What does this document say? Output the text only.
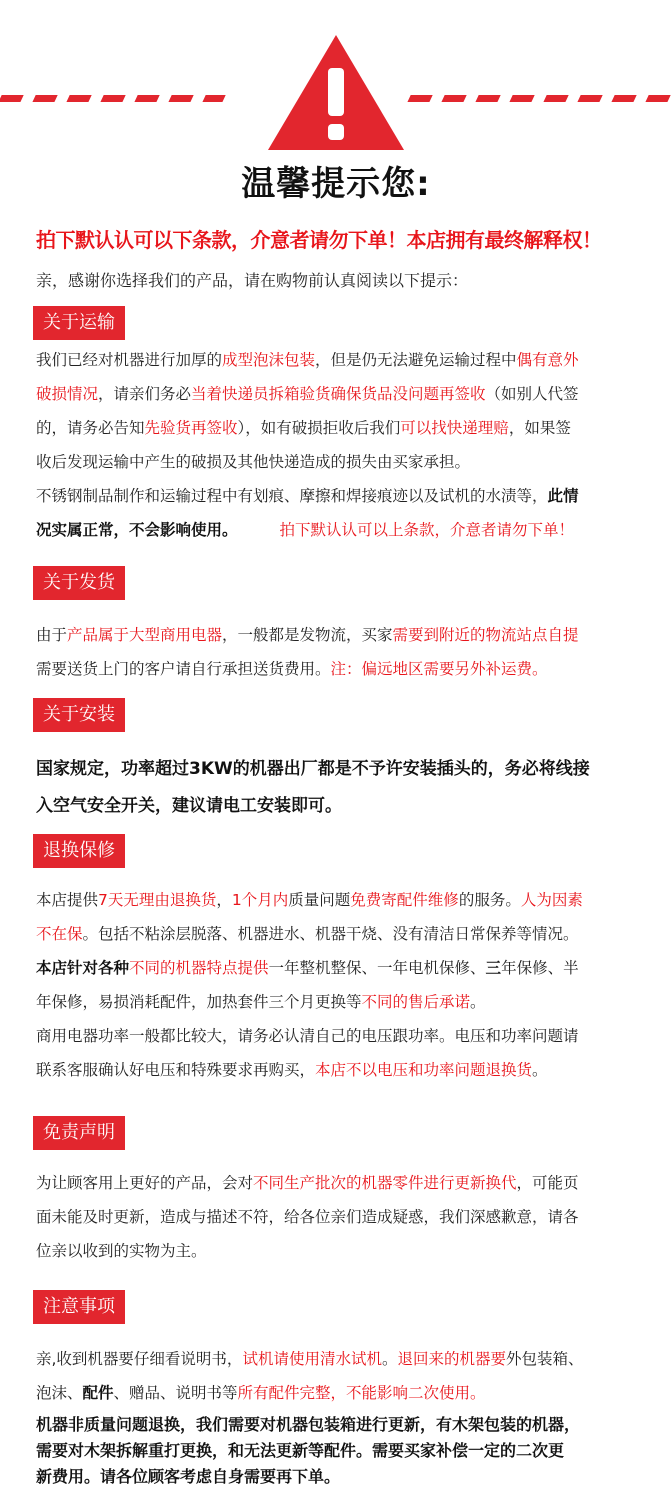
温馨提示您:
拍下默认认可以下条款，介意者请勿下单！本店拥有最终解释权！
亲，感谢你选择我们的产品，请在购物前认真阅读以下提示：
关于运输

我们已经对机器进行加厚的成型泡沫包装，但是仍无法避免运输过程中偶有意外
破损情况，请亲们务必当着快递员拆箱验货确保货品没问题再签收（如别人代签
的，请务必告知先验货再签收），如有破损拒收后我们可以找快递理赔，如果签
收后发现运输中产生的破损及其他快递造成的损失由买家承担。

不锈钢制品制作和运输过程中有划痕、摩擦和焊接痕迹以及试机的水渍等，此情
况实属正常，不会影响使用。	拍下默认认可以上条款，介意者请勿下单！

关于发货

由于产品属于大型商用电器，一般都是发物流，买家需要到附近的物流站点自提
需要送货上门的客户请自行承担送货费用。注：偏远地区需要另外补运费。

关于安装

国家规定，功率超过3KW的机器出厂都是不予许安装插头的，务必将线接

入空气安全开关，建议请电工安装即可。

退换保修

本店提供7天无理由退换货，1个月内质量问题免费寄配件维修的服务。人为因素
不在保。包括不粘涂层脱落、机器进水、机器干烧、没有清洁日常保养等情况。

本店针对各种不同的机器特点提供一年整机整保、一年电机保修、三年保修、半
年保修，易损消耗配件，加热套件三个月更换等不同的售后承诺。

商用电器功率一般都比较大，请务必认清自己的电压跟功率。电压和功率问题请
联系客服确认好电压和特殊要求再购买，本店不以电压和功率问题退换货。

免责声明

为让顾客用上更好的产品，会对不同生产批次的机器零件进行更新换代，可能页
面未能及时更新，造成与描述不符，给各位亲们造成疑惑，我们深感歉意，请各
位亲以收到的实物为主。

注意事项

亲,收到机器要仔细看说明书，试机请使用清水试机。退回来的机器要外包装箱、
泡沫、配件、赠品、说明书等所有配件完整，不能影响二次使用。

机器非质量问题退换，我们需要对机器包装箱进行更新，有木架包装的机器，
需要对木架拆解重打更换，和无法更新等配件。需要买家补偿一定的二次更
新费用。请各位顾客考虑自身需要再下单。
